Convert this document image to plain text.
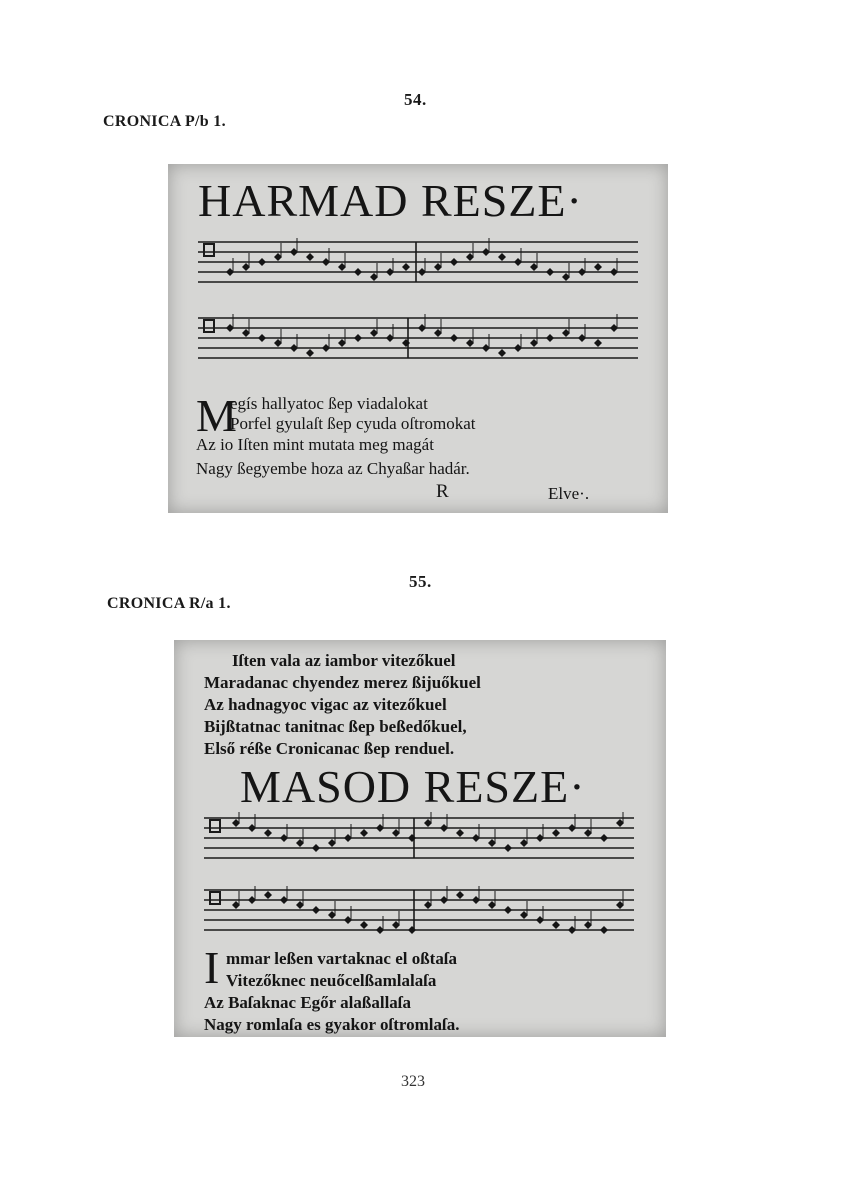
54.
CRONICA P/b 1.
HARMAD RESZE·
M
egís hallyatoc ßep viadalokat
Porfel gyulaſt ßep cyuda oſtromokat
Az io Iſten mint mutata meg magát
Nagy ßegyembe hoza az Chyaßar hadár.
R	Elve·.
55.
CRONICA R/a 1.
Iſten vala az iambor vitezőkuel
Maradanac chyendez merez ßijuőkuel
Az hadnagyoc vigac az vitezőkuel
Bijßtatnac tanitnac ßep beßedőkuel,
Első réße Cronicanac ßep renduel.
MASOD RESZE·
I mmar leßen vartaknac el oßtaſa
Vitezőknec neuőcelßamlalaſa
Az Baſaknac Egőr alaßallaſa
Nagy romlaſa es gyakor oſtromlaſa.
323
